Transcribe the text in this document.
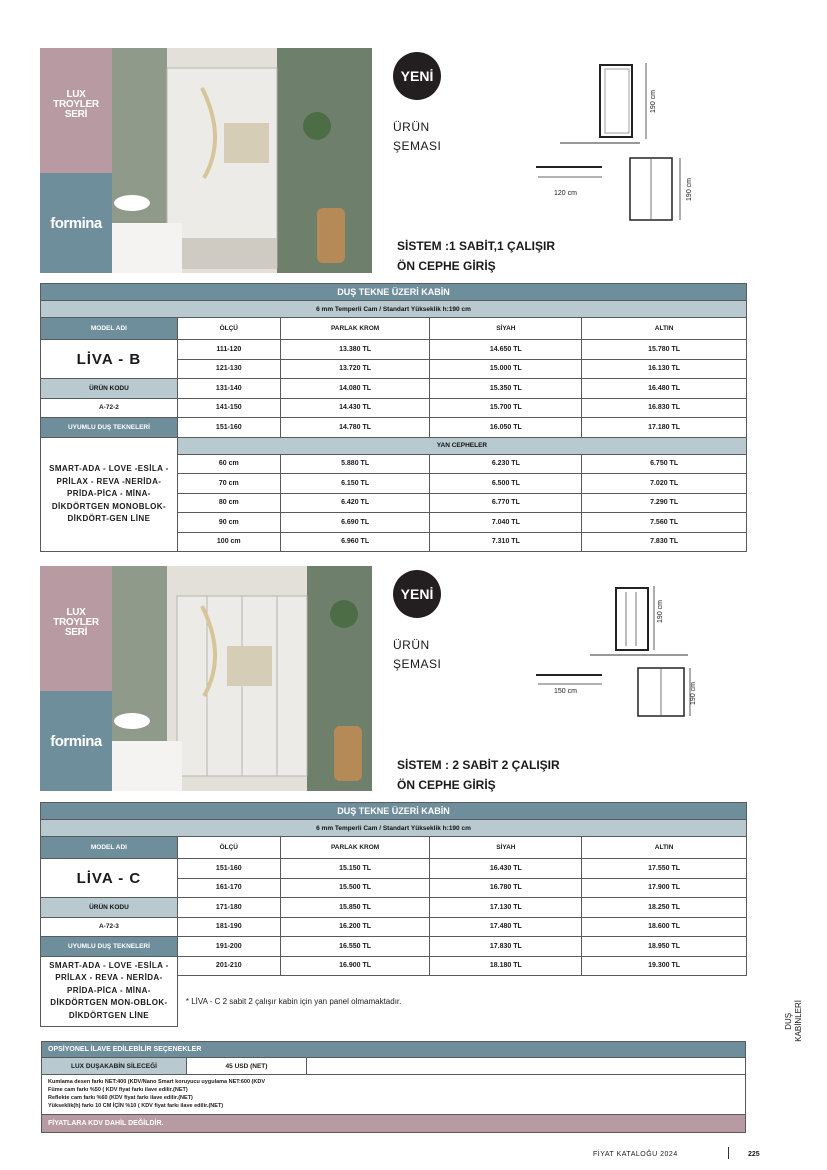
LUX
TROYLER
SERİ
formina
YENİ
ÜRÜN
ŞEMASI
SİSTEM :1 SABİT,1 ÇALIŞIR
ÖN CEPHE GİRİŞ
190 cm
120 cm	190 cm
DUŞ TEKNE ÜZERİ KABİN				
6 mm Temperli Cam / Standart Yükseklik h:190 cm				
MODEL ADI	ÖLÇÜ	PARLAK KROM	SİYAH	ALTIN
LİVA - B	111-120	13.380 TL	14.650 TL	15.780 TL
	121-130	13.720 TL	15.000 TL	16.130 TL
ÜRÜN KODU	131-140	14.080 TL	15.350 TL	16.480 TL
A-72-2	141-150	14.430 TL	15.700 TL	16.830 TL
UYUMLU DUŞ TEKNELERİ	151-160	14.780 TL	16.050 TL	17.180 TL
SMART-ADA - LOVE -ESİLA - PRİLAX - REVA -NERİDA-PRİDA-PİCA - MİNA-DİKDÖRTGEN MONOBLOK-DİKDÖRT-GEN LİNE	YAN CEPHELER			
	60 cm	5.880 TL	6.230 TL	6.750 TL
	70 cm	6.150 TL	6.500 TL	7.020 TL
	80 cm	6.420 TL	6.770 TL	7.290 TL
	90 cm	6.690 TL	7.040 TL	7.560 TL
	100 cm	6.960 TL	7.310 TL	7.830 TL
LUX
TROYLER
SERİ
formina
YENİ
ÜRÜN
ŞEMASI
SİSTEM : 2 SABİT 2 ÇALIŞIR
ÖN CEPHE GİRİŞ
190 cm
150 cm	190 cm
DUŞ TEKNE ÜZERİ KABİN				
6 mm Temperli Cam / Standart Yükseklik h:190 cm				
MODEL ADI	ÖLÇÜ	PARLAK KROM	SİYAH	ALTIN
LİVA - C	151-160	15.150 TL	16.430 TL	17.550 TL
	161-170	15.500 TL	16.780 TL	17.900 TL
ÜRÜN KODU	171-180	15.850 TL	17.130 TL	18.250 TL
A-72-3	181-190	16.200 TL	17.480 TL	18.600 TL
UYUMLU DUŞ TEKNELERİ	191-200	16.550 TL	17.830 TL	18.950 TL
SMART-ADA - LOVE -ESİLA - PRİLAX - REVA - NERİDA-PRİDA-PİCA - MİNA-DİKDÖRTGEN MON-OBLOK-DİKDÖRTGEN LİNE	201-210	16.900 TL	18.180 TL	19.300 TL
	* LİVA - C 2 sabit 2 çalışır kabin için yan panel olmamaktadır.			
OPSİYONEL İLAVE EDİLEBİLİR SEÇENEKLER
LUX DUŞAKABİN SİLECEĞİ	45 USD (NET)
Kumlama desen farkı NET:400 (KDV/Nano Smart koruyucu uygulama NET:600 (KDV
Füme cam farkı %50 ( KDV fiyat farkı ilave edilir.(NET)
Reflekte cam farkı %60 (KDV fiyat farkı ilave edilir.(NET)
Yükseklik(h) farkı 10 CM İÇİN %10 ( KDV fiyat farkı ilave edilir.(NET)
FİYATLARA KDV DAHİL DEĞİLDİR.
DUŞ
KABİNLERİ
FİYAT KATALOĞU 2024	225
